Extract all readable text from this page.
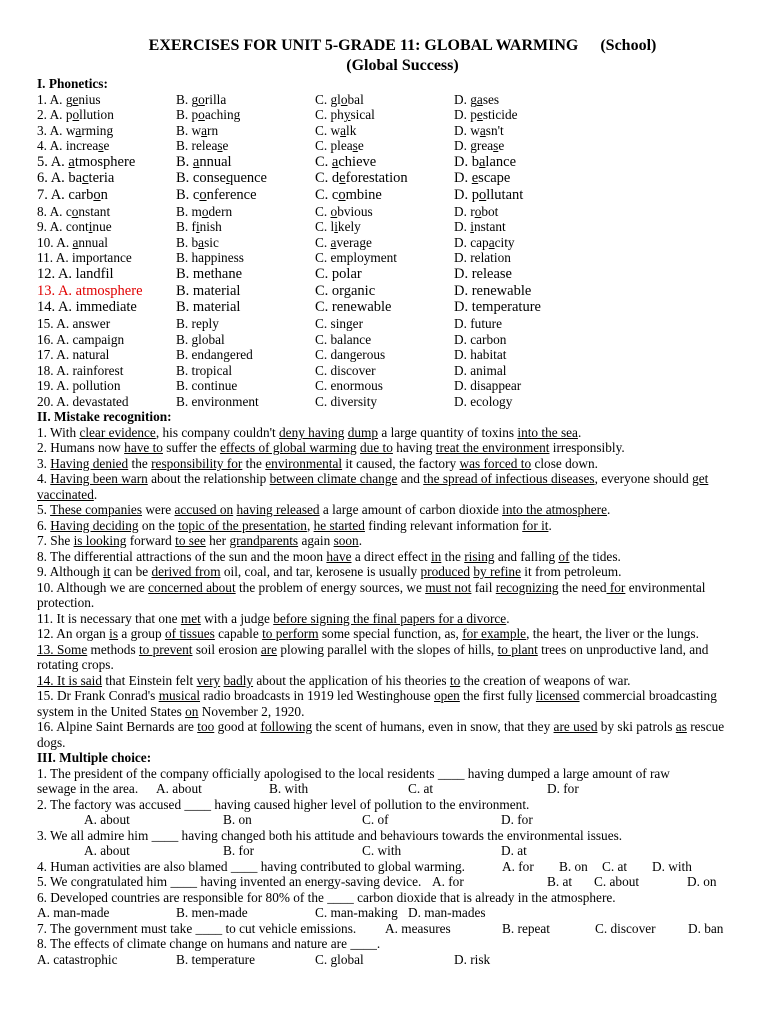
EXERCISES FOR UNIT 5-GRADE 11: GLOBAL WARMING (School)
(Global Success)
I. Phonetics:
1. A. genius	B. gorilla	C. global	D. gases
2. A. pollution	B. poaching	C. physical	D. pesticide
3. A. warming	B. warn	C. walk	D. wasn't
4. A. increase	B. release	C. please	D. grease
5. A. atmosphere	B. annual	C. achieve	D. balance
6. A. bacteria	B. consequence	C. deforestation	D. escape
7. A. carbon	B. conference	C. combine	D. pollutant
8. A. constant	B. modern	C. obvious	D. robot
9. A. continue	B. finish	C. likely	D. instant
10. A. annual	B. basic	C. average	D. capacity
11. A. importance	B. happiness	C. employment	D. relation
12. A. landfil	B. methane	C. polar	D. release
13. A. atmosphere	B. material	C. organic	D. renewable
14. A. immediate	B. material	C. renewable	D. temperature
15. A. answer	B. reply	C. singer	D. future
16. A. campaign	B. global	C. balance	D. carbon
17. A. natural	B. endangered	C. dangerous	D. habitat
18. A. rainforest	B. tropical	C. discover	D. animal
19. A. pollution	B. continue	C. enormous	D. disappear
20. A. devastated	B. environment	C. diversity	D. ecology
II. Mistake recognition:
1. With clear evidence, his company couldn't deny having dump a large quantity of toxins into the sea.
2. Humans now have to suffer the effects of global warming due to having treat the environment irresponsibly.
3. Having denied the responsibility for the environmental it caused, the factory was forced to close down.
4. Having been warn about the relationship between climate change and the spread of infectious diseases, everyone should get vaccinated.
5. These companies were accused on having released a large amount of carbon dioxide into the atmosphere.
6. Having deciding on the topic of the presentation, he started finding relevant information for it.
7. She is looking forward to see her grandparents again soon.
8. The differential attractions of the sun and the moon have a direct effect in the rising and falling of the tides.
9. Although it can be derived from oil, coal, and tar, kerosene is usually produced by refine it from petroleum.
10. Although we are concerned about the problem of energy sources, we must not fail recognizing the need for environmental protection.
11. It is necessary that one met with a judge before signing the final papers for a divorce.
12. An organ is a group of tissues capable to perform some special function, as, for example, the heart, the liver or the lungs.
13. Some methods to prevent soil erosion are plowing parallel with the slopes of hills, to plant trees on unproductive land, and rotating crops.
14. It is said that Einstein felt very badly about the application of his theories to the creation of weapons of war.
15. Dr Frank Conrad's musical radio broadcasts in 1919 led Westinghouse open the first fully licensed commercial broadcasting system in the United States on November 2, 1920.
16. Alpine Saint Bernards are too good at following the scent of humans, even in snow, that they are used by ski patrols as rescue dogs.
III. Multiple choice:
1. The president of the company officially apologised to the local residents ____ having dumped a large amount of raw
sewage in the area.	A. about	B. with	C. at	D. for
2. The factory was accused ____ having caused higher level of pollution to the environment.
A. about	B. on	C. of	D. for
3. We all admire him ____ having changed both his attitude and behaviours towards the environmental issues.
A. about	B. for	C. with	D. at
4. Human activities are also blamed ____ having contributed to global warming.	A. for	B. on	C. at	D. with
5. We congratulated him ____ having invented an energy-saving device. A. for	B. at	C. about	D. on
6. Developed countries are responsible for 80% of the ____ carbon dioxide that is already in the atmosphere.
A. man-made	B. men-made	C. man-making D. man-mades
7. The government must take ____ to cut vehicle emissions.	A. measures	B. repeat	C. discover	D. ban
8. The effects of climate change on humans and nature are ____.
A. catastrophic	B. temperature	C. global	D. risk
